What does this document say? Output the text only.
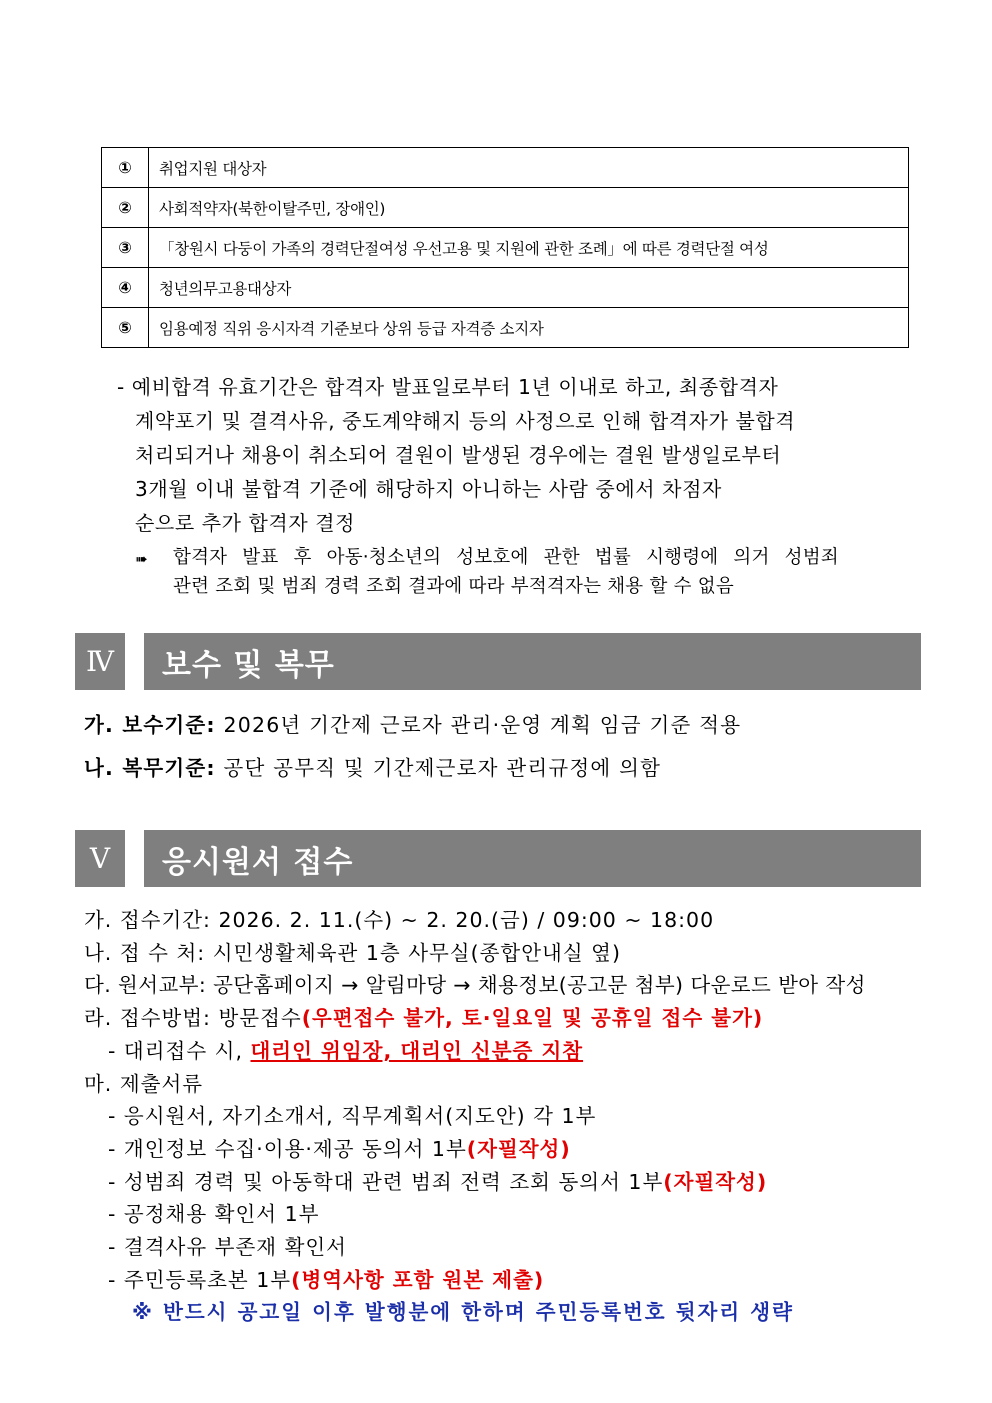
①	취업지원 대상자
②	사회적약자(북한이탈주민, 장애인)
③	「창원시 다둥이 가족의 경력단절여성 우선고용 및 지원에 관한 조례」에 따른 경력단절 여성
④	청년의무고용대상자
⑤	임용예정 직위 응시자격 기준보다 상위 등급 자격증 소지자
- 예비합격 유효기간은 합격자 발표일로부터 1년 이내로 하고, 최종합격자
계약포기 및 결격사유, 중도계약해지 등의 사정으로 인해 합격자가 불합격
처리되거나 채용이 취소되어 결원이 발생된 경우에는 결원 발생일로부터
3개월 이내 불합격 기준에 해당하지 아니하는 사람 중에서 차점자
순으로 추가 합격자 결정
➠ 합격자 발표 후 아동·청소년의 성보호에 관한 법률 시행령에 의거 성범죄
관련 조회 및 범죄 경력 조회 결과에 따라 부적격자는 채용 할 수 없음
Ⅳ	보수 및 복무
가. 보수기준: 2026년 기간제 근로자 관리·운영 계획 임금 기준 적용
나. 복무기준: 공단 공무직 및 기간제근로자 관리규정에 의함
Ⅴ	응시원서 접수
가. 접수기간: 2026. 2. 11.(수) ~ 2. 20.(금) / 09:00 ~ 18:00
나. 접 수 처: 시민생활체육관 1층 사무실(종합안내실 옆)
다. 원서교부: 공단홈페이지 → 알림마당 → 채용정보(공고문 첨부) 다운로드 받아 작성
라. 접수방법: 방문접수(우편접수 불가, 토·일요일 및 공휴일 접수 불가)
- 대리접수 시, 대리인 위임장, 대리인 신분증 지참
마. 제출서류
- 응시원서, 자기소개서, 직무계획서(지도안) 각 1부
- 개인정보 수집·이용·제공 동의서 1부(자필작성)
- 성범죄 경력 및 아동학대 관련 범죄 전력 조회 동의서 1부(자필작성)
- 공정채용 확인서 1부
- 결격사유 부존재 확인서
- 주민등록초본 1부(병역사항 포함 원본 제출)
※ 반드시 공고일 이후 발행분에 한하며 주민등록번호 뒷자리 생략
